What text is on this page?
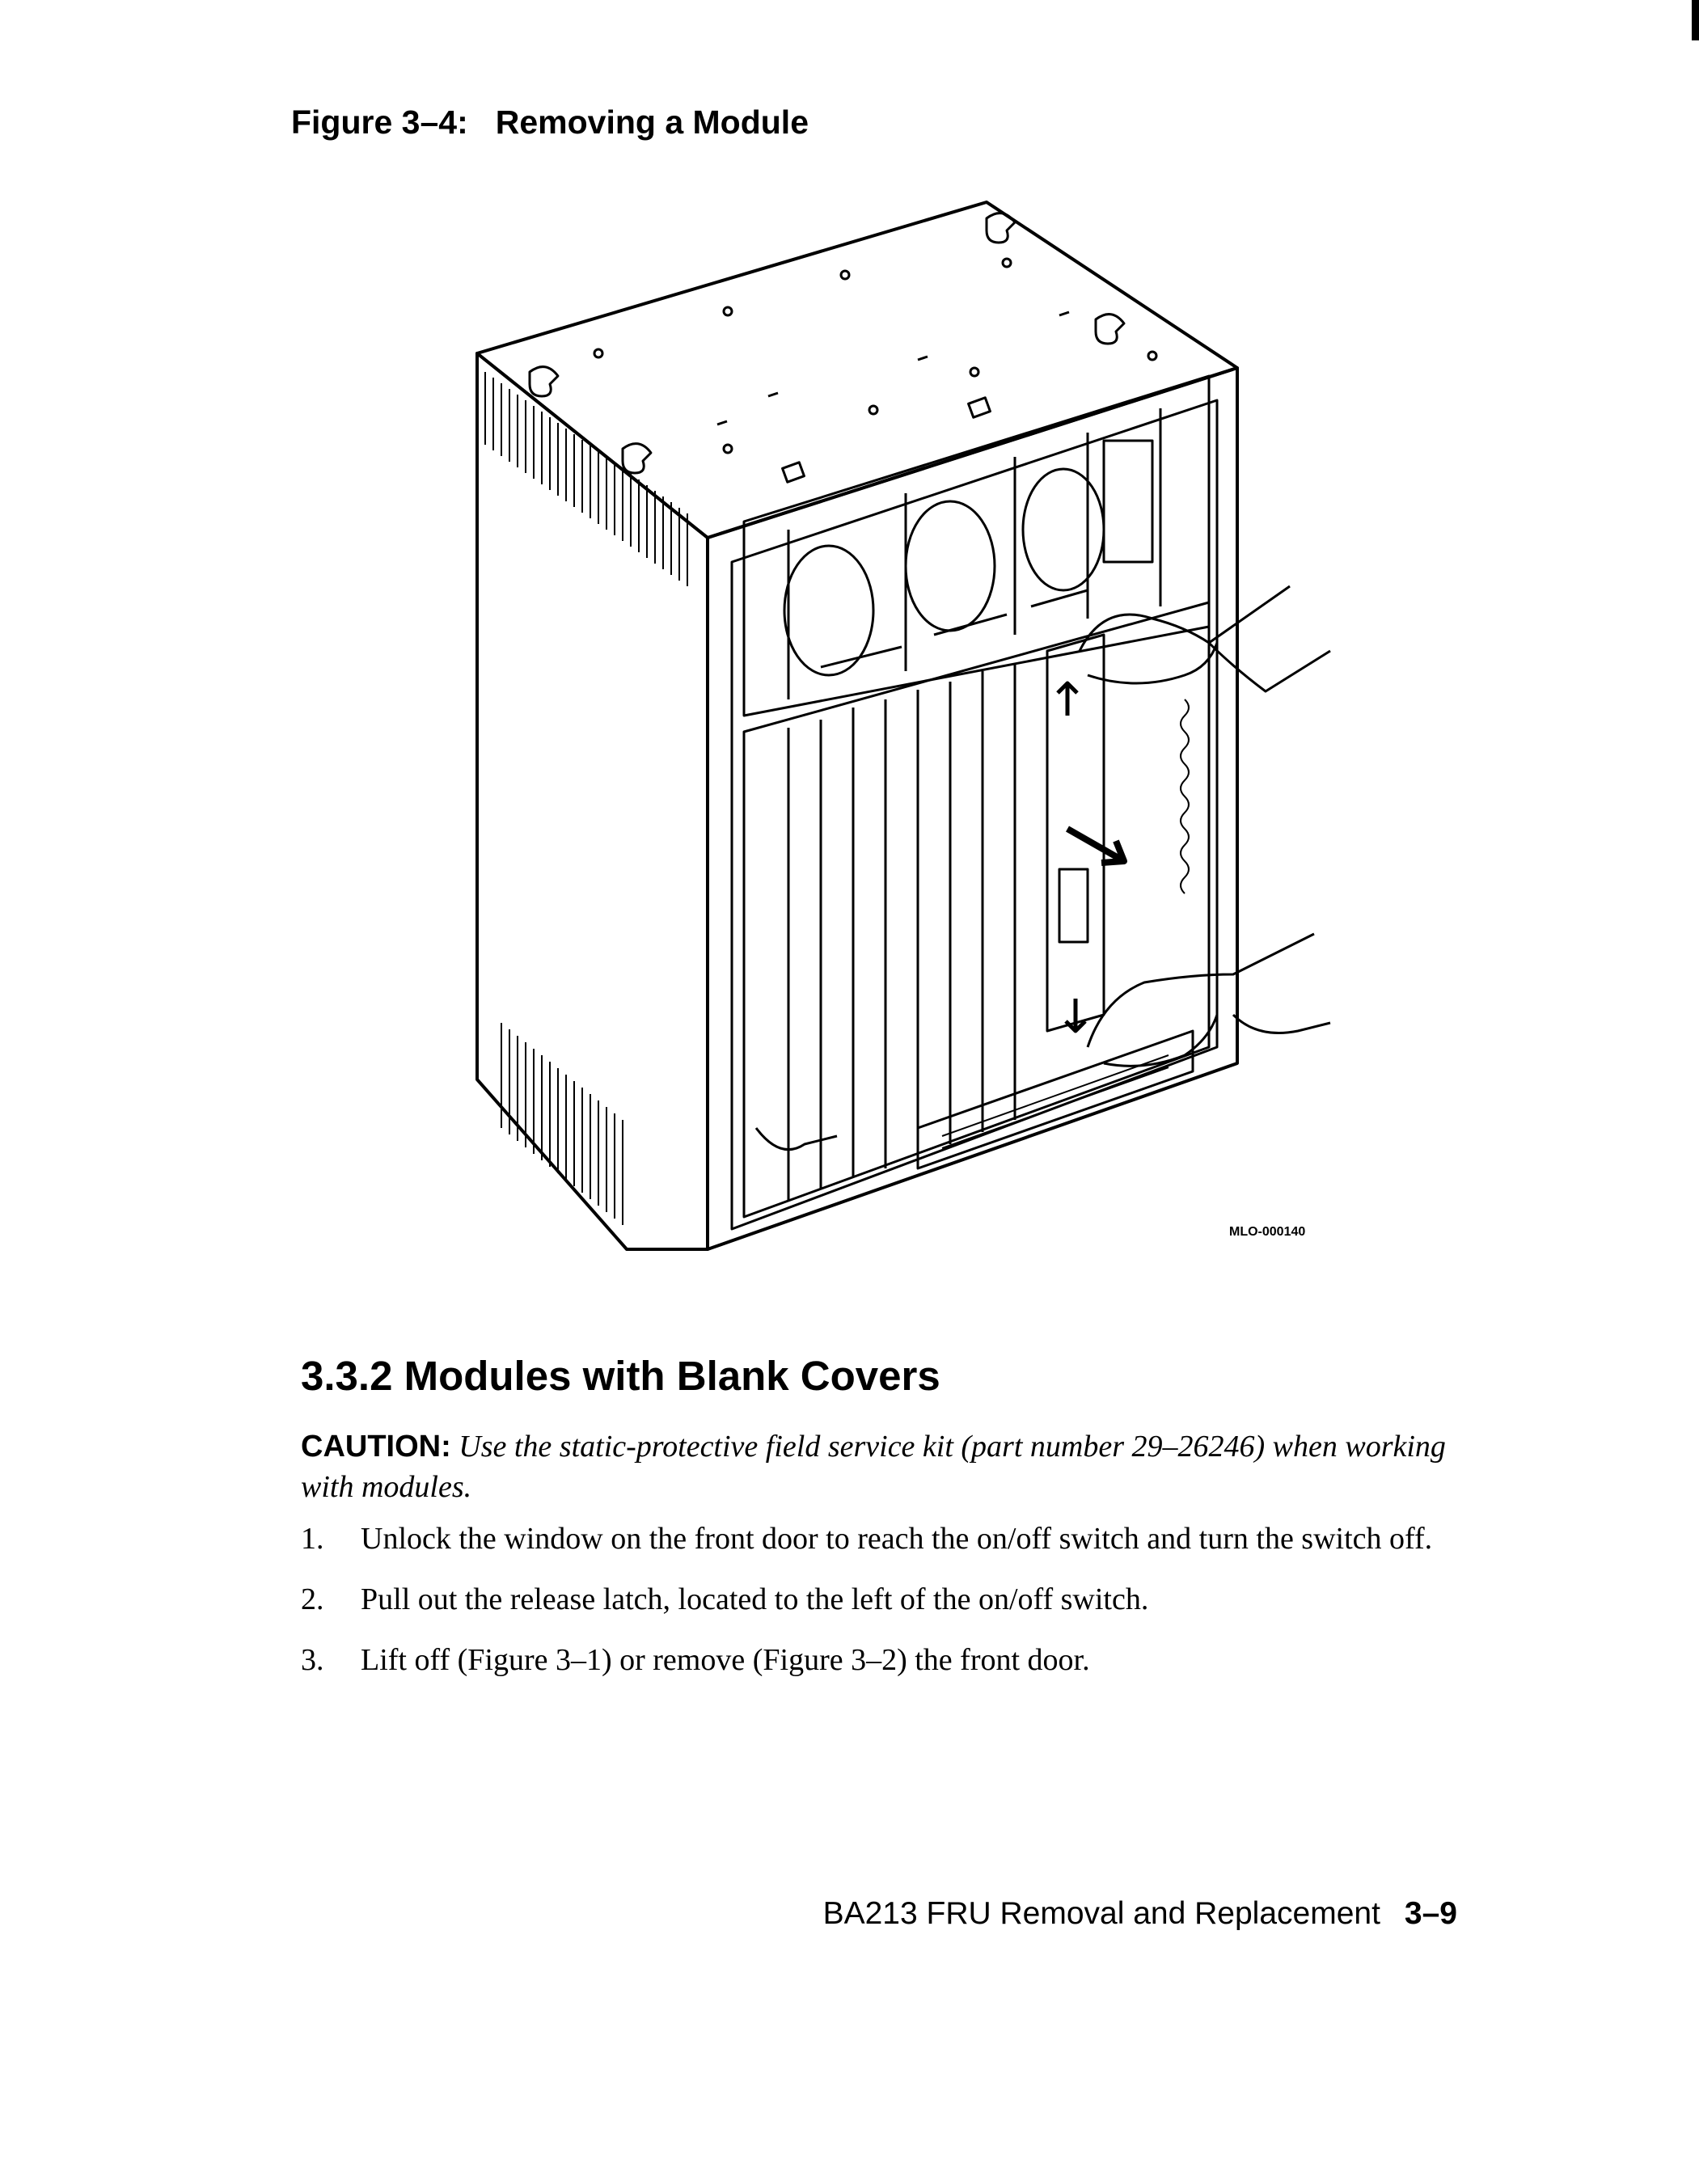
Figure 3–4: Removing a Module
MLO-000140
3.3.2 Modules with Blank Covers
CAUTION: Use the static-protective field service kit (part number 29–26246) when working with modules.
1. Unlock the window on the front door to reach the on/off switch and turn the switch off.
2. Pull out the release latch, located to the left of the on/off switch.
3. Lift off (Figure 3–1) or remove (Figure 3–2) the front door.
BA213 FRU Removal and Replacement 3–9
